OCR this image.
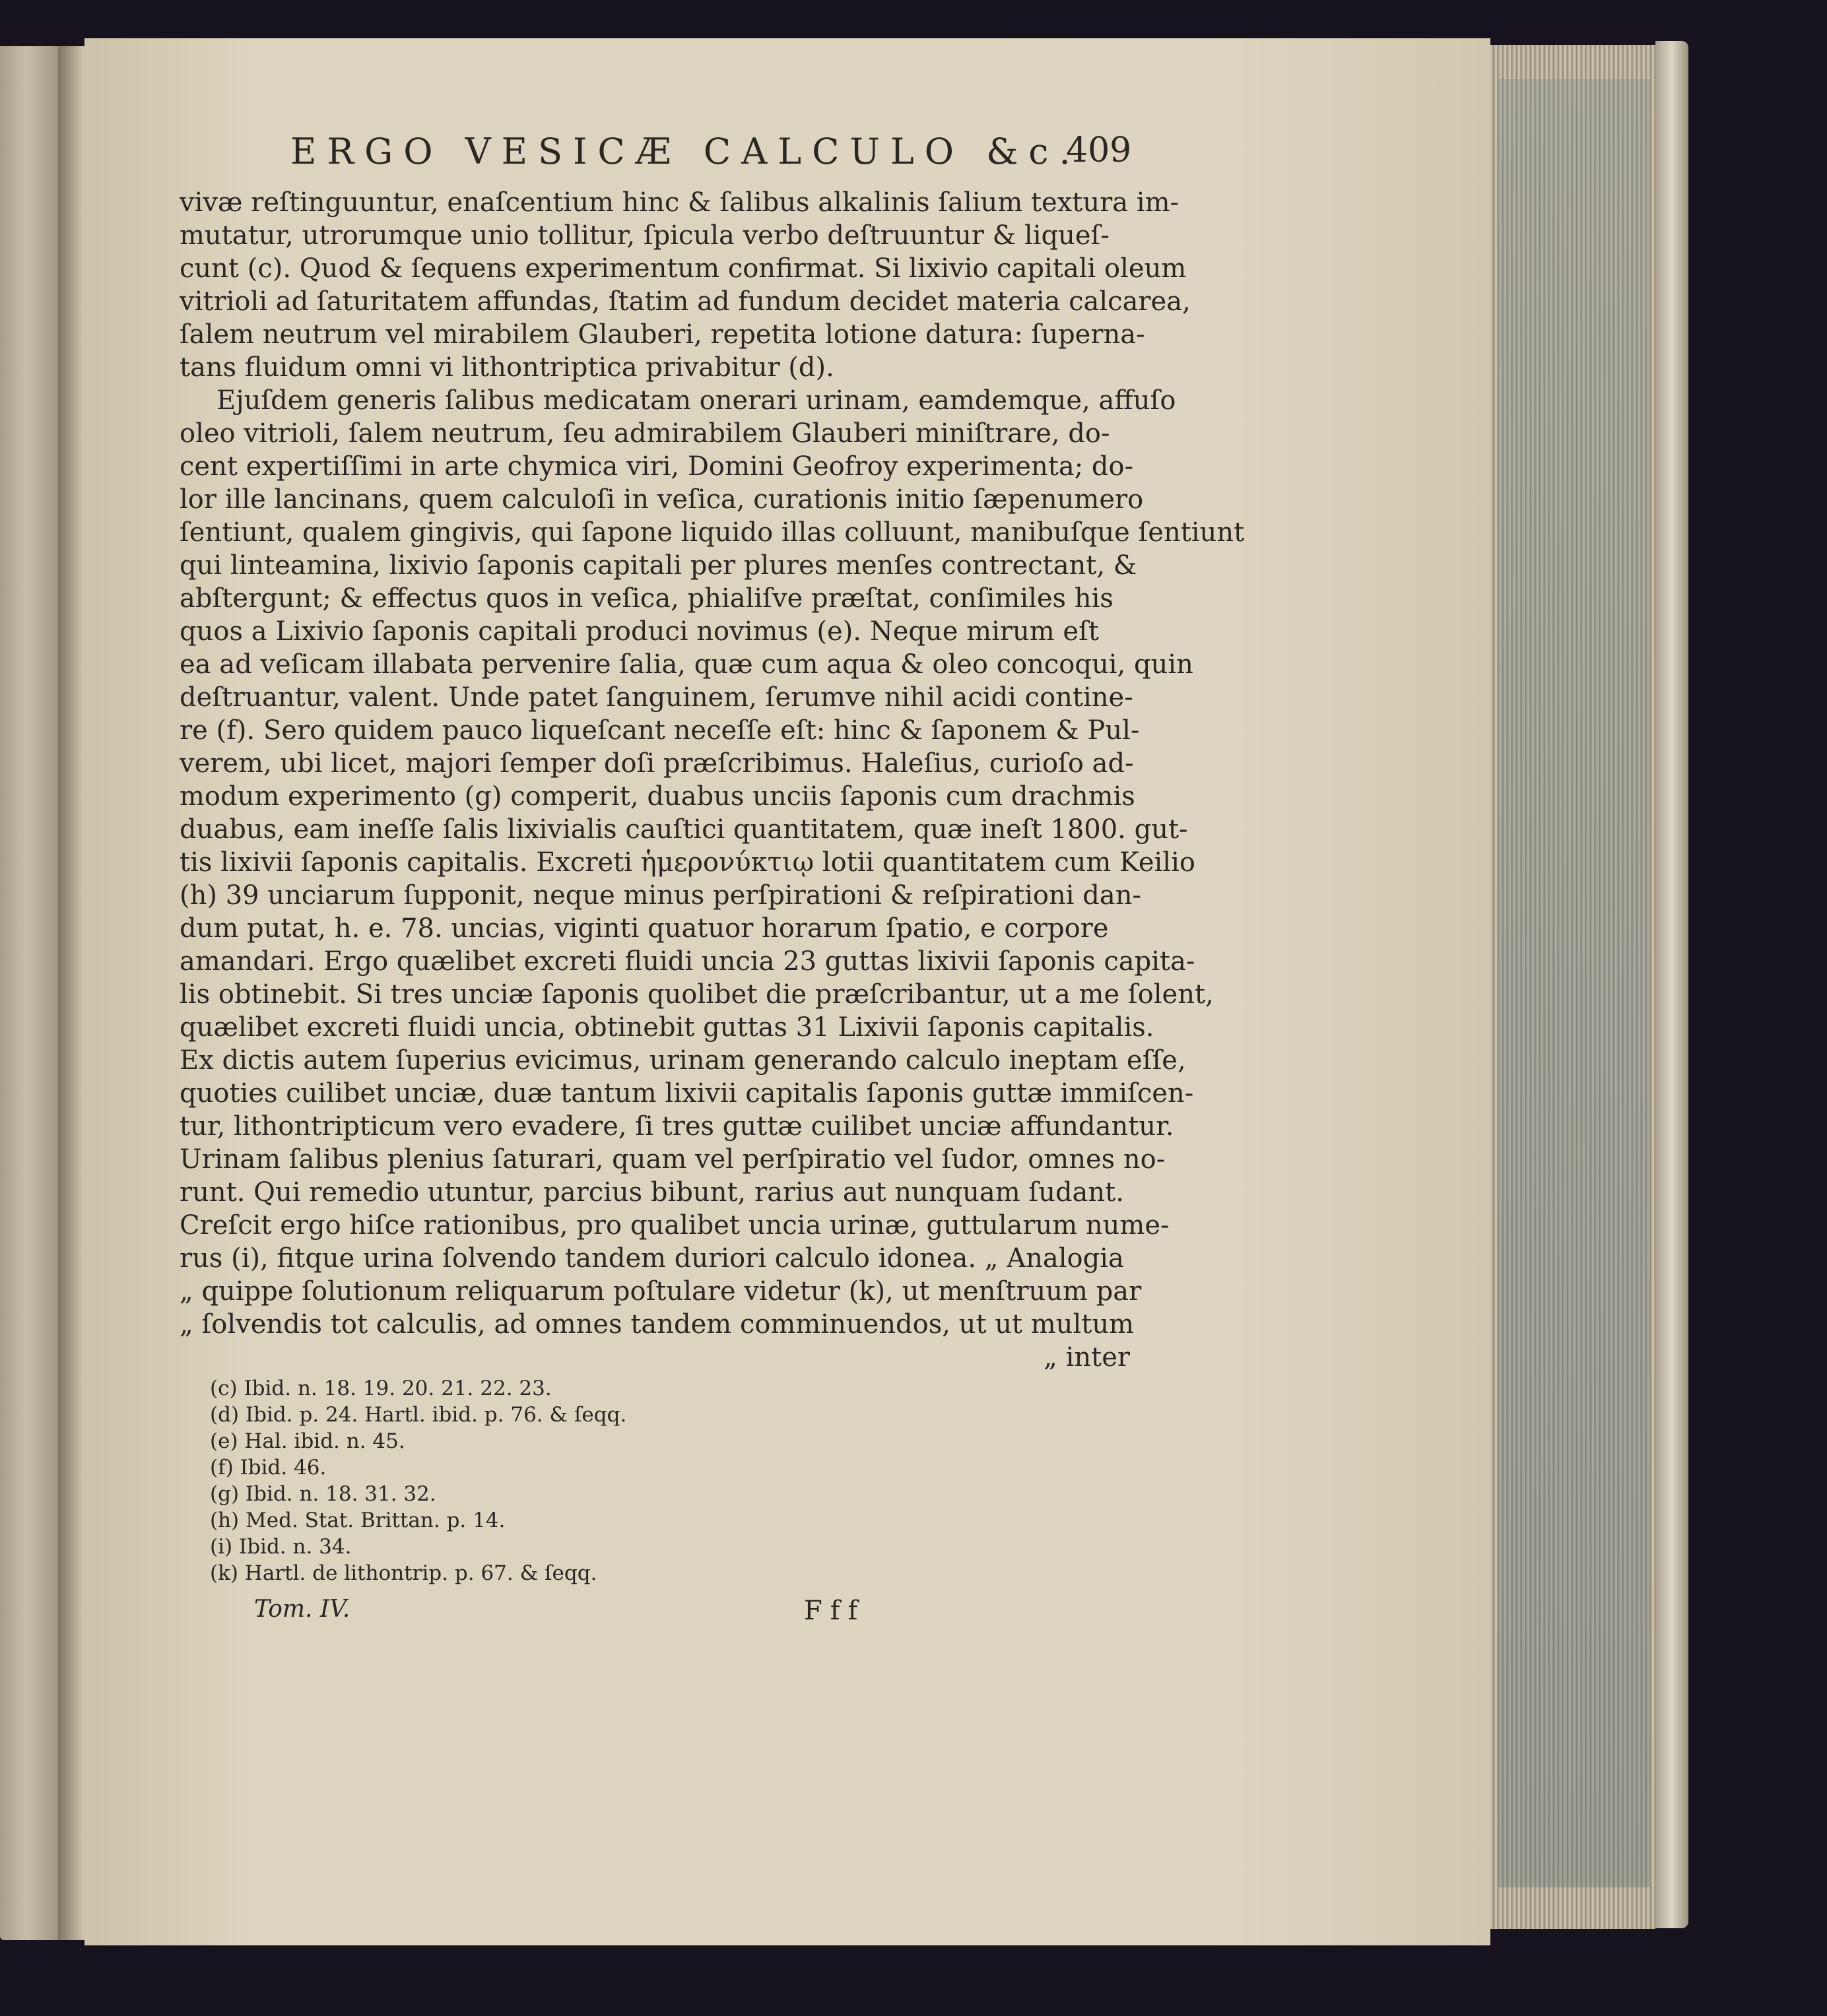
ERGO VESICÆ CALCULO &c.
409
vivæ reſtinguuntur, enaſcentium hinc & ſalibus alkalinis ſalium textura im-
mutatur, utrorumque unio tollitur, ſpicula verbo deſtruuntur & liqueſ-
cunt (c). Quod & ſequens experimentum confirmat. Si lixivio capitali oleum
vitrioli ad ſaturitatem affundas, ſtatim ad fundum decidet materia calcarea,
ſalem neutrum vel mirabilem Glauberi, repetita lotione datura: ſuperna-
tans fluidum omni vi lithontriptica privabitur (d).
Ejuſdem generis ſalibus medicatam onerari urinam, eamdemque, affuſo
oleo vitrioli, ſalem neutrum, ſeu admirabilem Glauberi miniſtrare, do-
cent expertiſſimi in arte chymica viri, Domini Geofroy experimenta; do-
lor ille lancinans, quem calculoſi in veſica, curationis initio ſæpenumero
ſentiunt, qualem gingivis, qui ſapone liquido illas colluunt, manibuſque ſentiunt
qui linteamina, lixivio ſaponis capitali per plures menſes contrectant, &
abſtergunt; & effectus quos in veſica, phialiſve præſtat, conſimiles his
quos a Lixivio ſaponis capitali produci novimus (e). Neque mirum eſt
ea ad veſicam illabata pervenire ſalia, quæ cum aqua & oleo concoqui, quin
deſtruantur, valent. Unde patet ſanguinem, ſerumve nihil acidi contine-
re (f). Sero quidem pauco liqueſcant neceſſe eſt: hinc & ſaponem & Pul-
verem, ubi licet, majori ſemper doſi præſcribimus. Haleſius, curioſo ad-
modum experimento (g) comperit, duabus unciis ſaponis cum drachmis
duabus, eam ineſſe ſalis lixivialis cauſtici quantitatem, quæ ineſt 1800. gut-
tis lixivii ſaponis capitalis. Excreti ἡμερονύκτιῳ lotii quantitatem cum Keilio
(h) 39 unciarum ſupponit, neque minus perſpirationi & reſpirationi dan-
dum putat, h. e. 78. uncias, viginti quatuor horarum ſpatio, e corpore
amandari. Ergo quælibet excreti fluidi uncia 23 guttas lixivii ſaponis capita-
lis obtinebit. Si tres unciæ ſaponis quolibet die præſcribantur, ut a me ſolent,
quælibet excreti fluidi uncia, obtinebit guttas 31 Lixivii ſaponis capitalis.
Ex dictis autem ſuperius evicimus, urinam generando calculo ineptam eſſe,
quoties cuilibet unciæ, duæ tantum lixivii capitalis ſaponis guttæ immiſcen-
tur, lithontripticum vero evadere, ſi tres guttæ cuilibet unciæ affundantur.
Urinam ſalibus plenius ſaturari, quam vel perſpiratio vel ſudor, omnes no-
runt. Qui remedio utuntur, parcius bibunt, rarius aut nunquam ſudant.
Creſcit ergo hiſce rationibus, pro qualibet uncia urinæ, guttularum nume-
rus (i), fitque urina ſolvendo tandem duriori calculo idonea. „ Analogia
„ quippe ſolutionum reliquarum poſtulare videtur (k), ut menſtruum par
„ ſolvendis tot calculis, ad omnes tandem comminuendos, ut ut multum
„ inter
(c) Ibid. n. 18. 19. 20. 21. 22. 23.
(d) Ibid. p. 24. Hartl. ibid. p. 76. & ſeqq.
(e) Hal. ibid. n. 45.
(f) Ibid. 46.
(g) Ibid. n. 18. 31. 32.
(h) Med. Stat. Brittan. p. 14.
(i) Ibid. n. 34.
(k) Hartl. de lithontrip. p. 67. & ſeqq.
Tom. IV.	Fff
